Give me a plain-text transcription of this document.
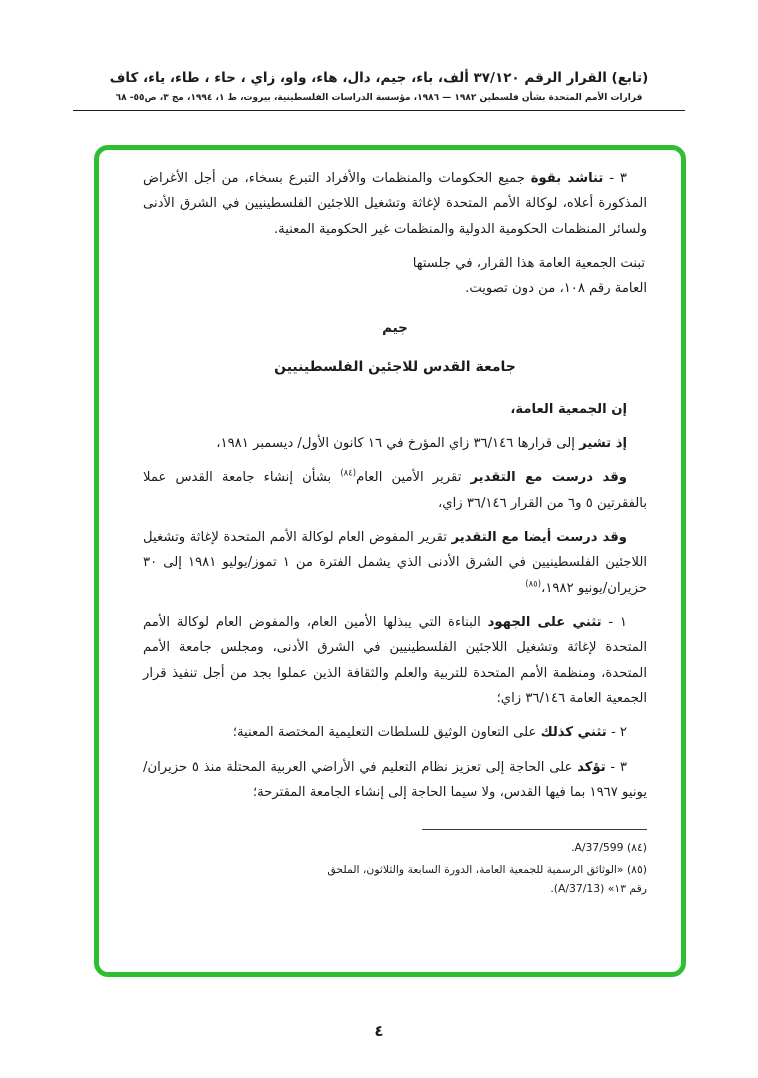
(تابع) القرار الرقم ٣٧/١٢٠ ألف، باء، جيم، دال، هاء، واو، زاي ، حاء ، طاء، ياء، كاف
قرارات الأمم المتحدة بشأن فلسطين ١٩٨٢ — ١٩٨٦، مؤسسة الدراسات الفلسطينية، بيروت، ط ١، ١٩٩٤، مج ٣، ص٥٥- ٦٨

٣ - تناشد بقوة جميع الحكومات والمنظمات والأفراد التبرع بسخاء، من أجل الأغراض المذكورة أعلاه، لوكالة الأمم المتحدة لإغاثة وتشغيل اللاجئين الفلسطينيين في الشرق الأدنى ولسائر المنظمات الحكومية الدولية والمنظمات غير الحكومية المعنية.

تبنت الجمعية العامة هذا القرار، في جلستها العامة رقم ١٠٨، من دون تصويت.

جيم
جامعة القدس للاجئين الفلسطينيين

إن الجمعية العامة،

إذ تشير إلى قرارها ٣٦/١٤٦ زاي المؤرخ في ١٦ كانون الأول/ ديسمبر ١٩٨١،

وقد درست مع التقدير تقرير الأمين العام$^{(٨٤)}$ بشأن إنشاء جامعة القدس عملا بالفقرتين ٥ و٦ من القرار ٣٦/١٤٦ زاي،

وقد درست أيضا مع التقدير تقرير المفوض العام لوكالة الأمم المتحدة لإغاثة وتشغيل اللاجئين الفلسطينيين في الشرق الأدنى الذي يشمل الفترة من ١ تموز/يوليو ١٩٨١ إلى ٣٠ حزيران/يونيو ١٩٨٢،$^{(٨٥)}$

١ - تثني على الجهود البناءة التي يبذلها الأمين العام، والمفوض العام لوكالة الأمم المتحدة لإغاثة وتشغيل اللاجئين الفلسطينيين في الشرق الأدنى، ومجلس جامعة الأمم المتحدة، ومنظمة الأمم المتحدة للتربية والعلم والثقافة الذين عملوا بجد من أجل تنفيذ قرار الجمعية العامة ٣٦/١٤٦ زاي؛

٢ - تثني كذلك على التعاون الوثيق للسلطات التعليمية المختصة المعنية؛

٣ - تؤكد على الحاجة إلى تعزيز نظام التعليم في الأراضي العربية المحتلة منذ ٥ حزيران/يونيو ١٩٦٧ بما فيها القدس، ولا سيما الحاجة إلى إنشاء الجامعة المقترحة؛

(٨٤) A/37/599.

(٨٥) «الوثائق الرسمية للجمعية العامة، الدورة السابعة والثلاثون، الملحق رقم ١٣» (A/37/13).

٤
